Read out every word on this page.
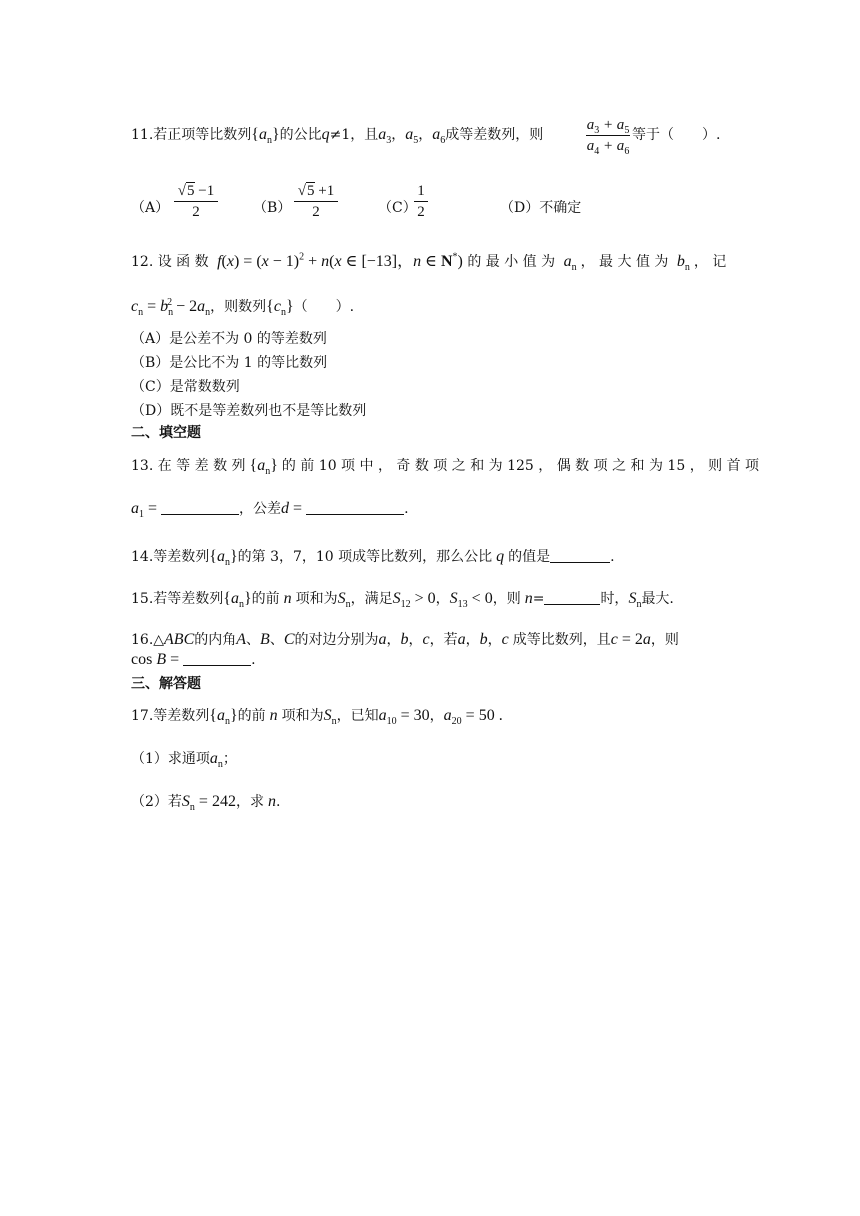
11.若正项等比数列$\{a_n\}$的公比q≠1，且$a_3$，$a_5$，$a_6$成等差数列，则
$a_3 + a_5$
$a_4 + a_6$
等于（　　）.
（A）
√5 −1
2	（B）
√5 +1
2	（C）
1
2	（D）不确定
12. 设 函 数  $f(x) = (x - 1)^2 + n(x$ ∈ [−13]，n ∈ N*) 的 最 小 值 为  $a_n$ ， 最 大 值 为  $b_n$ ， 记
$c_n = b_n^2 - 2a_n$，则数列$\{c_n\}$（　　）.
（A）是公差不为 0 的等差数列
（B）是公比不为 1 的等比数列
（C）是常数数列
（D）既不是等差数列也不是等比数列
二、填空题
13. 在 等 差 数 列 $\{a_n\}$ 的 前 10 项 中 ， 奇 数 项 之 和 为 125 ， 偶 数 项 之 和 为 15 ， 则 首 项
$a_1$ =	，公差d =	.
14.等差数列$\{a_n\}$的第 3，7，10 项成等比数列，那么公比 q 的值是	.
15.若等差数列$\{a_n\}$的前 n 项和为$S_n$，满足$S_{12} > 0$，$S_{13} < 0$，则 n=	时，$S_n$最大.
16.△ABC的内角A、B、C的对边分别为a，b，c，若a，b，c 成等比数列，且c = 2a，则
cos B =	.
三、解答题
17.等差数列$\{a_n\}$的前 n 项和为$S_n$，已知$a_{10} = 30$，$a_{20} = 50$ .
（1）求通项$a_n$；
（2）若$S_n = 242$，求 n.
